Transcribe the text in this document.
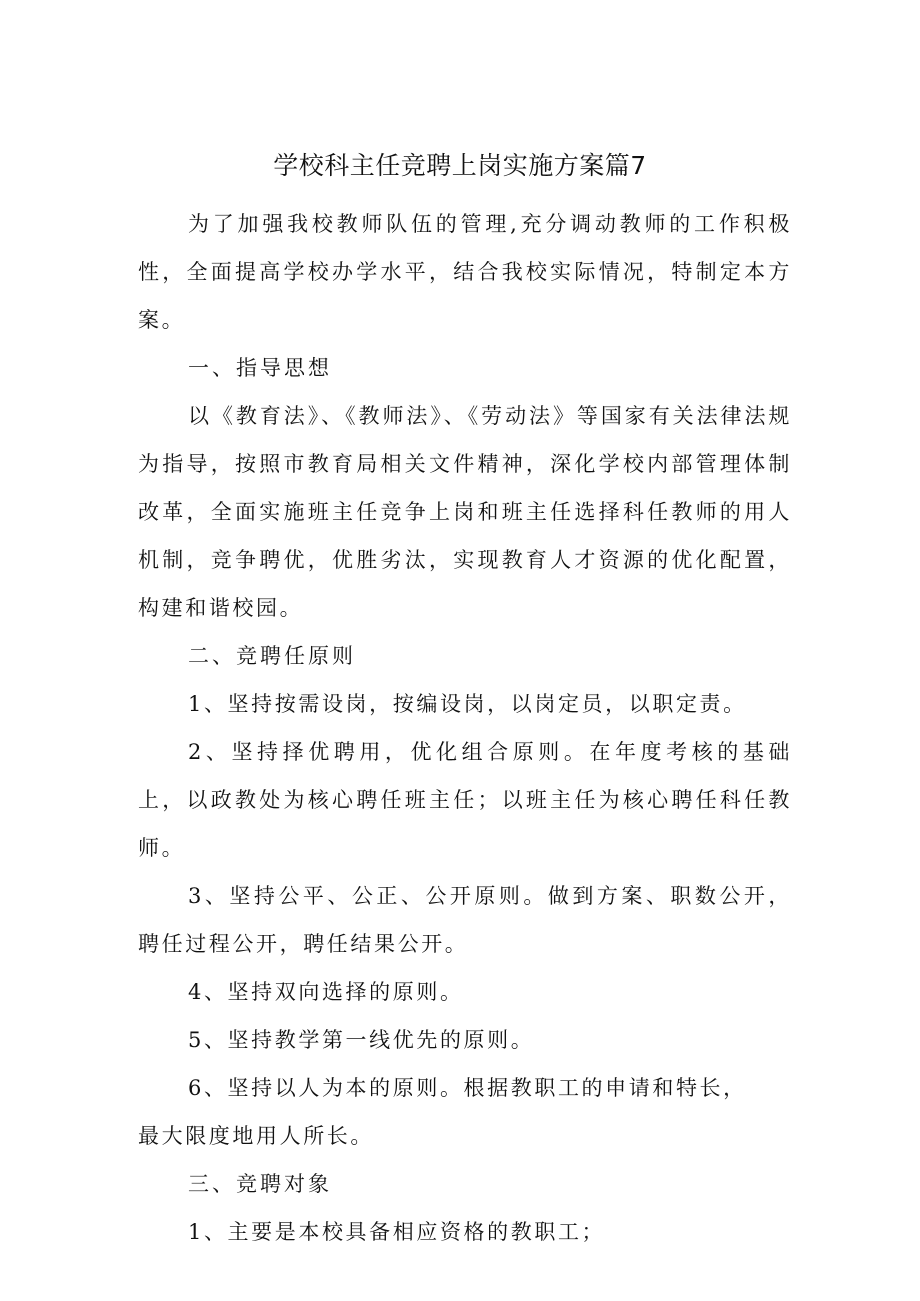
学校科主任竞聘上岗实施方案篇7

为了加强我校教师队伍的管理,充分调动教师的工作积极性，全面提高学校办学水平，结合我校实际情况，特制定本方案。

一、指导思想

以《教育法》、《教师法》、《劳动法》等国家有关法律法规为指导，按照市教育局相关文件精神，深化学校内部管理体制改革，全面实施班主任竞争上岗和班主任选择科任教师的用人机制，竞争聘优，优胜劣汰，实现教育人才资源的优化配置，构建和谐校园。

二、竞聘任原则

1、坚持按需设岗，按编设岗，以岗定员，以职定责。

2、坚持择优聘用，优化组合原则。在年度考核的基础上，以政教处为核心聘任班主任；以班主任为核心聘任科任教师。

3、坚持公平、公正、公开原则。做到方案、职数公开，聘任过程公开，聘任结果公开。

4、坚持双向选择的原则。

5、坚持教学第一线优先的原则。

6、坚持以人为本的原则。根据教职工的申请和特长，

最大限度地用人所长。

三、竞聘对象

1、主要是本校具备相应资格的教职工；
